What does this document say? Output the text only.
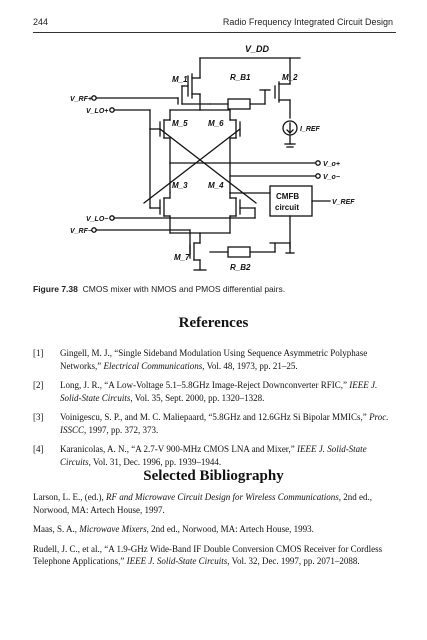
244	Radio Frequency Integrated Circuit Design
V_DD
R_B1
M_1	M_2
M_5	M_6
M_3	M_4
M_7
R_B2
I_REF
V_RF+
V_LO+
V_LO−
V_RF−
V_o+
V_o−
V_REF
CMFB
circuit
Figure 7.38 CMOS mixer with NMOS and PMOS differential pairs.
References
[1] Gingell, M. J., “Single Sideband Modulation Using Sequence Asymmetric Polyphase Networks,” Electrical Communications, Vol. 48, 1973, pp. 21–25.
[2] Long, J. R., “A Low-Voltage 5.1–5.8GHz Image-Reject Downconverter RFIC,” IEEE J. Solid-State Circuits, Vol. 35, Sept. 2000, pp. 1320–1328.
[3] Voinigescu, S. P., and M. C. Maliepaard, “5.8GHz and 12.6GHz Si Bipolar MMICs,” Proc. ISSCC, 1997, pp. 372, 373.
[4] Karanicolas, A. N., “A 2.7-V 900-MHz CMOS LNA and Mixer,” IEEE J. Solid-State Circuits, Vol. 31, Dec. 1996, pp. 1939–1944.
Selected Bibliography
Larson, L. E., (ed.), RF and Microwave Circuit Design for Wireless Communications, 2nd ed., Norwood, MA: Artech House, 1997.
Maas, S. A., Microwave Mixers, 2nd ed., Norwood, MA: Artech House, 1993.
Rudell, J. C., et al., “A 1.9-GHz Wide-Band IF Double Conversion CMOS Receiver for Cordless Telephone Applications,” IEEE J. Solid-State Circuits, Vol. 32, Dec. 1997, pp. 2071–2088.
